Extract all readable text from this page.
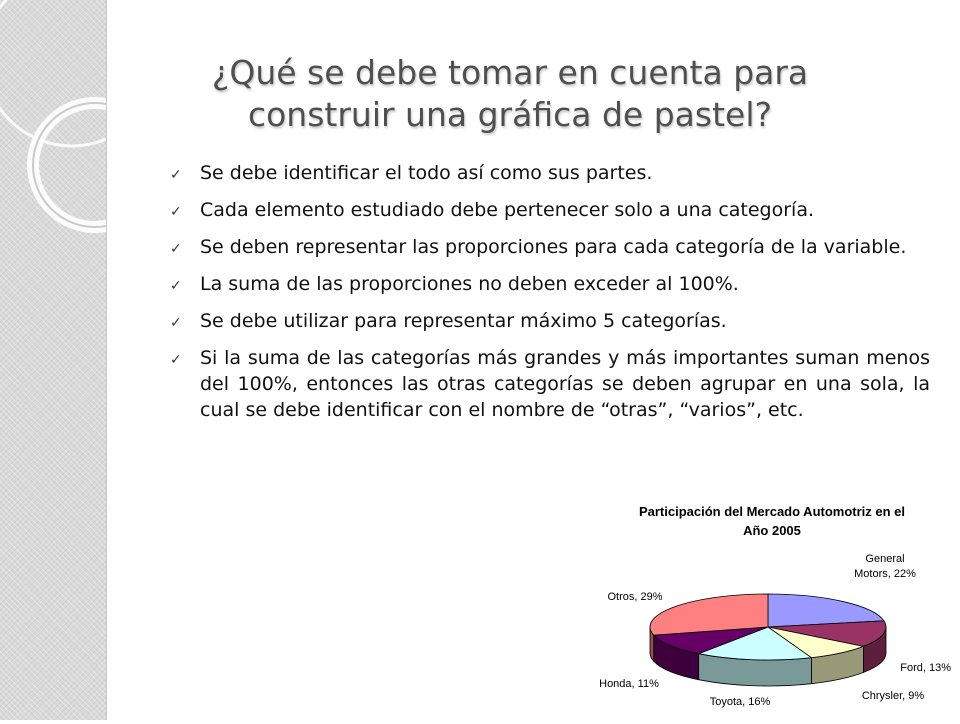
¿Qué se debe tomar en cuenta para
construir una gráfica de pastel?
✓ Se debe identificar el todo así como sus partes.
✓ Cada elemento estudiado debe pertenecer solo a una categoría.
✓ Se deben representar las proporciones para cada categoría de la variable.
✓ La suma de las proporciones no deben exceder al 100%.
✓ Se debe utilizar para representar máximo 5 categorías.
✓ Si la suma de las categorías más grandes y más importantes suman menos del 100%, entonces las otras categorías se deben agrupar en una sola, la cual se debe identificar con el nombre de “otras”, “varios”, etc.
Participación del Mercado Automotriz en el
Año 2005
General
Motors, 22%
Ford, 13%
Chrysler, 9%
Toyota, 16%
Honda, 11%
Otros, 29%
